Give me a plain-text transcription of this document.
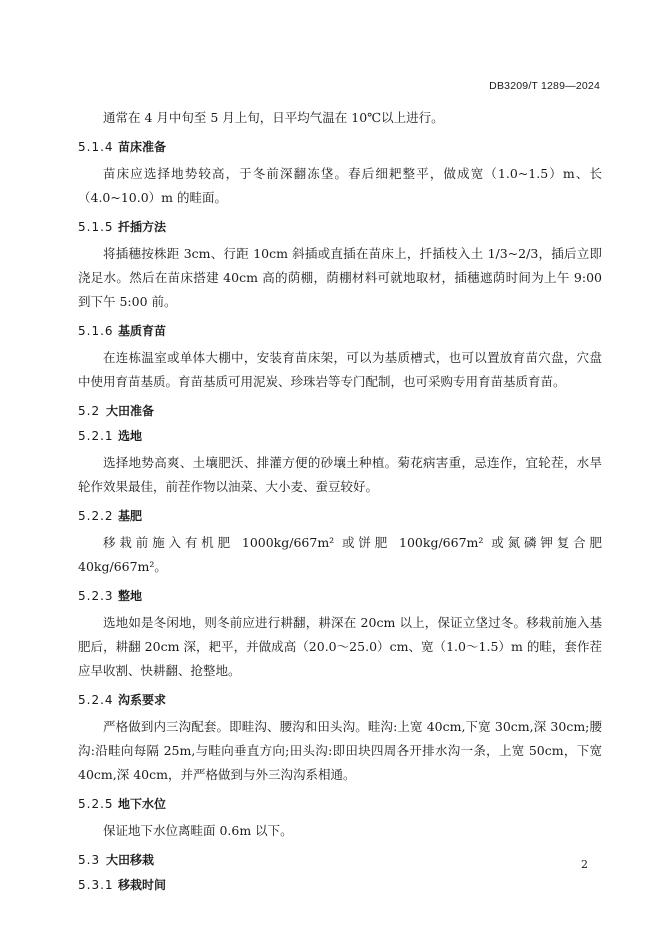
DB3209/T 1289—2024

通常在 4 月中旬至 5 月上旬，日平均气温在 10℃以上进行。

5.1.4 苗床准备

苗床应选择地势较高，于冬前深翻冻垡。春后细耙整平，做成宽（1.0~1.5）m、长 （4.0~10.0）m 的畦面。

5.1.5 扦插方法

将插穗按株距 3cm、行距 10cm 斜插或直插在苗床上，扦插枝入土 1/3~2/3，插后立即浇足水。然后在苗床搭建 40cm 高的荫棚，荫棚材料可就地取材，插穗遮荫时间为上午 9:00 到下午 5:00 前。

5.1.6 基质育苗

在连栋温室或单体大棚中，安装育苗床架，可以为基质槽式，也可以置放育苗穴盘，穴盘中使用育苗基质。育苗基质可用泥炭、珍珠岩等专门配制，也可采购专用育苗基质育苗。

5.2 大田准备
5.2.1 选地

选择地势高爽、土壤肥沃、排灌方便的砂壤土种植。菊花病害重，忌连作，宜轮茬，水旱轮作效果最佳，前茬作物以油菜、大小麦、蚕豆较好。

5.2.2 基肥

移栽前施入有机肥 1000kg/667m² 或饼肥 100kg/667m² 或氮磷钾复合肥 40kg/667m²。

5.2.3 整地

选地如是冬闲地，则冬前应进行耕翻，耕深在 20cm 以上，保证立垡过冬。移栽前施入基肥后，耕翻 20cm 深，耙平，并做成高（20.0～25.0）cm、宽（1.0～1.5）m 的畦，套作茬应早收割、快耕翻、抢整地。

5.2.4 沟系要求

严格做到内三沟配套。即畦沟、腰沟和田头沟。畦沟:上宽 40cm,下宽 30cm,深 30cm;腰沟:沿畦向每隔 25m,与畦向垂直方向;田头沟:即田块四周各开排水沟一条，上宽 50cm，下宽 40cm,深 40cm，并严格做到与外三沟沟系相通。

5.2.5 地下水位

保证地下水位离畦面 0.6m 以下。

5.3 大田移栽
5.3.1 移栽时间
2
